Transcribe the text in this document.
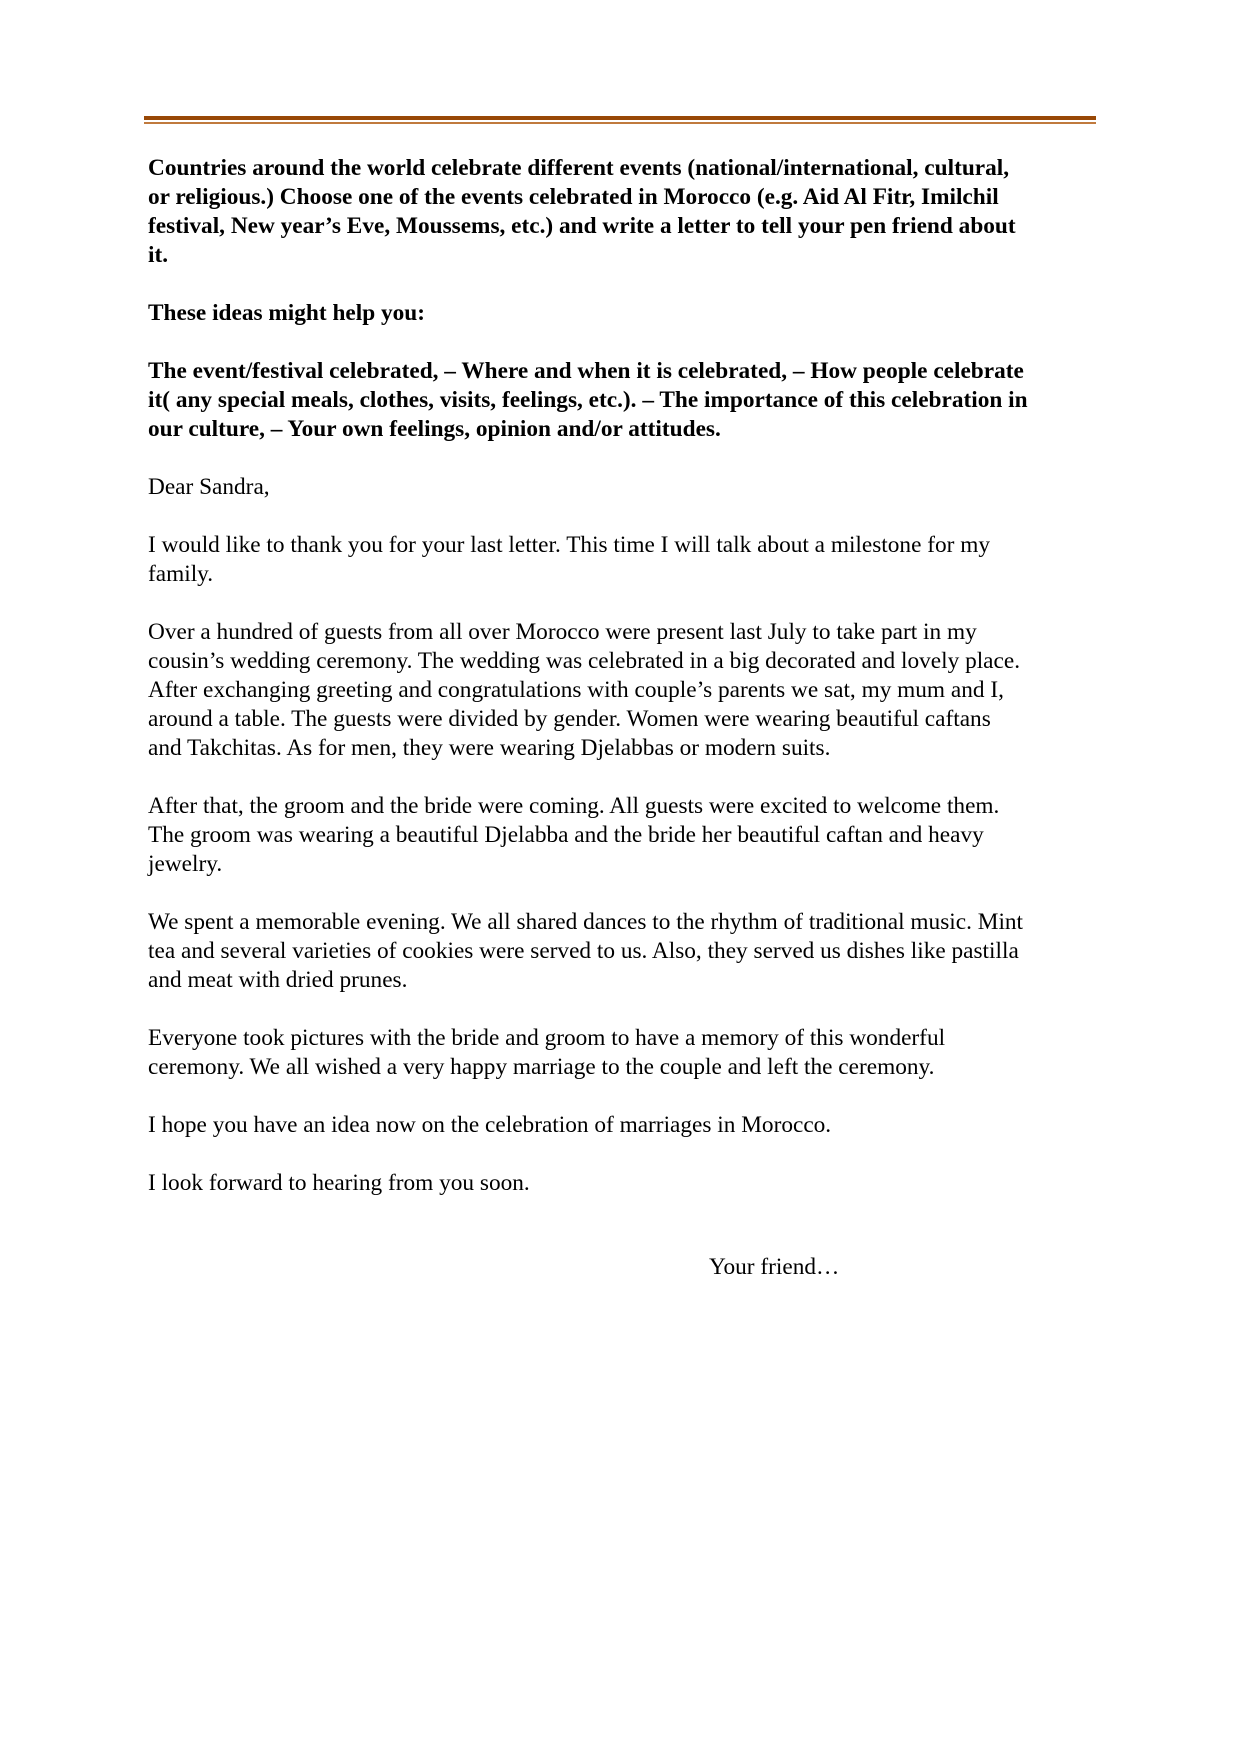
Countries around the world celebrate different events (national/international, cultural,
or religious.) Choose one of the events celebrated in Morocco (e.g. Aid Al Fitr, Imilchil
festival, New year’s Eve, Moussems, etc.) and write a letter to tell your pen friend about
it.

These ideas might help you:

The event/festival celebrated, – Where and when it is celebrated, – How people celebrate
it( any special meals, clothes, visits, feelings, etc.). – The importance of this celebration in
our culture, – Your own feelings, opinion and/or attitudes.

Dear Sandra,

I would like to thank you for your last letter. This time I will talk about a milestone for my
family.

Over a hundred of guests from all over Morocco were present last July to take part in my
cousin’s wedding ceremony. The wedding was celebrated in a big decorated and lovely place.
After exchanging greeting and congratulations with couple’s parents we sat, my mum and I,
around a table. The guests were divided by gender. Women were wearing beautiful caftans
and Takchitas. As for men, they were wearing Djelabbas or modern suits.

After that, the groom and the bride were coming. All guests were excited to welcome them.
The groom was wearing a beautiful Djelabba and the bride her beautiful caftan and heavy
jewelry.

We spent a memorable evening. We all shared dances to the rhythm of traditional music. Mint
tea and several varieties of cookies were served to us. Also, they served us dishes like pastilla
and meat with dried prunes.

Everyone took pictures with the bride and groom to have a memory of this wonderful
ceremony. We all wished a very happy marriage to the couple and left the ceremony.

I hope you have an idea now on the celebration of marriages in Morocco.

I look forward to hearing from you soon.

Your friend…
